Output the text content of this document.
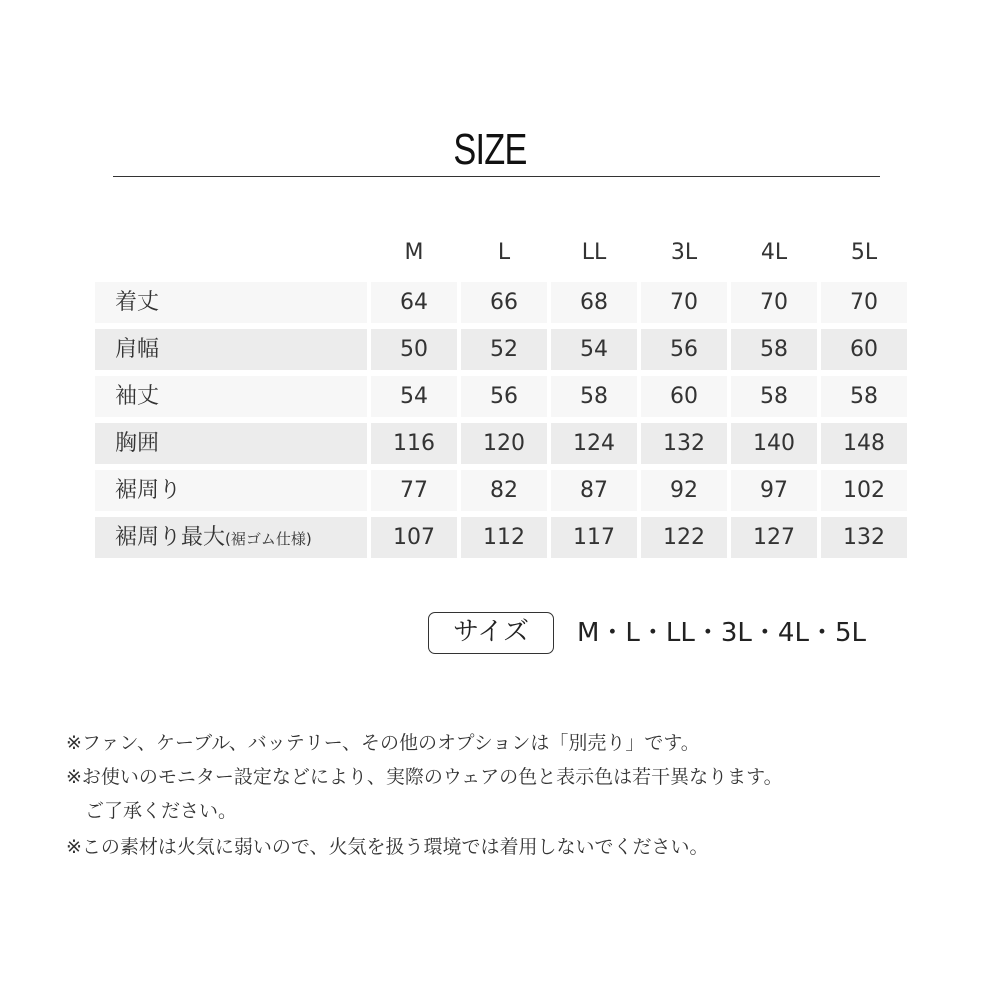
SIZE
M	L	LL	3L	4L	5L
着丈	64	66	68	70	70	70
肩幅	50	52	54	56	58	60
袖丈	54	56	58	60	58	58
胸囲	116	120	124	132	140	148
裾周り	77	82	87	92	97	102
裾周り最大(裾ゴム仕様)	107	112	117	122	127	132
サイズ	M・L・LL・3L・4L・5L
※ファン、ケーブル、バッテリー、その他のオプションは「別売り」です。
※お使いのモニター設定などにより、実際のウェアの色と表示色は若干異なります。
　ご了承ください。
※この素材は火気に弱いので、火気を扱う環境では着用しないでください。
